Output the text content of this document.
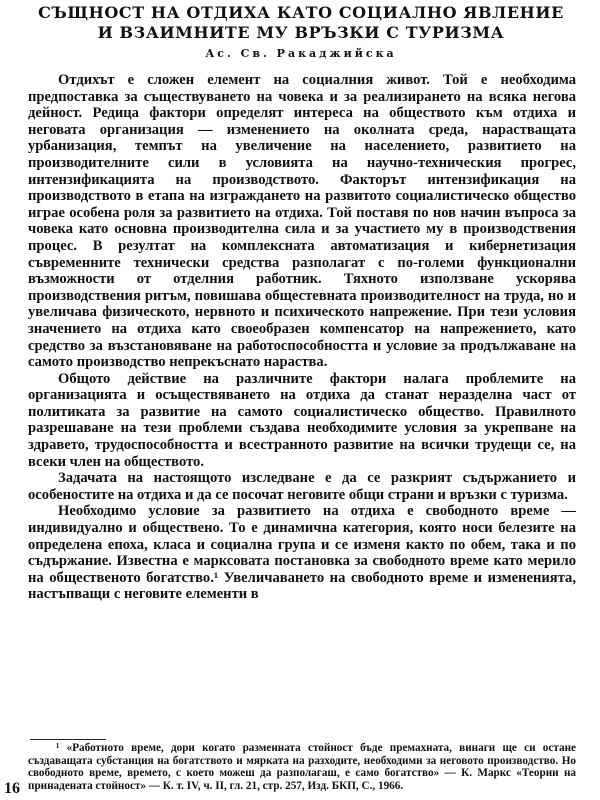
СЪЩНОСТ НА ОТДИХА КАТО СОЦИАЛНО ЯВЛЕНИЕ
И ВЗАИМНИТЕ МУ ВРЪЗКИ С ТУРИЗМА
Ас. Св. Ракаджийска

Отдихът е сложен елемент на социалния живот. Той е необходима предпоставка за съществуването на човека и за реализирането на всяка негова дейност. Редица фактори определят интереса на обществото към отдиха и неговата организация — изменението на околната среда, нарастващата урбанизация, темпът на увеличение на населението, развитието на производителните сили в условията на научно-техническия прогрес, интензификацията на производството. Факторът интензификация на производството в етапа на изграждането на развитото социалистическо общество играе особена роля за развитието на отдиха. Той поставя по нов начин въпроса за човека като основна производителна сила и за участието му в производствения процес. В резултат на комплексната автоматизация и кибернетизация съвременните технически средства разполагат с по-големи функционални възможности от отделния работник. Тяхното използване ускорява производствения ритъм, повишава общестевната производителност на труда, но и увеличава физическото, нервното и психическото напрежение. При тези условия значението на отдиха като своеобразен компенсатор на напрежението, като средство за възстановяване на работоспособността и условие за продължаване на самото производство непрекъснато нараства.

Общото действие на различните фактори налага проблемите на организацията и осъществяването на отдиха да станат неразделна част от политиката за развитие на самото социалистическо общество. Правилното разрешаване на тези проблеми създава необходимите условия за укрепване на здравето, трудоспособността и всестранното развитие на всички трудещи се, на всеки член на обществото.

Задачата на настоящото изследване е да се разкрият съдържанието и особеностите на отдиха и да се посочат неговите общи страни и връзки с туризма.

Необходимо условие за развитието на отдиха е свободното време — индивидуално и обществено. То е динамична категория, която носи белезите на определена епоха, класа и социална група и се изменя както по обем, така и по съдържание. Известна е марксовата постановка за свободното време като мерило на общественото богатство.¹ Увеличаването на свободното време и измененията, настъпващи с неговите елементи в

¹ «Работното време, дори когато разменната стойност бъде премахната, винаги ще си остане създаващата субстанция на богатството и мярката на разходите, необходими за неговото производство. Но свободното време, времето, с което можеш да разполагаш, е само богатство» — К. Маркс «Теории на принадената стойност» — К. т. IV, ч. II, гл. 21, стр. 257, Изд. БКП, С., 1966.

16
